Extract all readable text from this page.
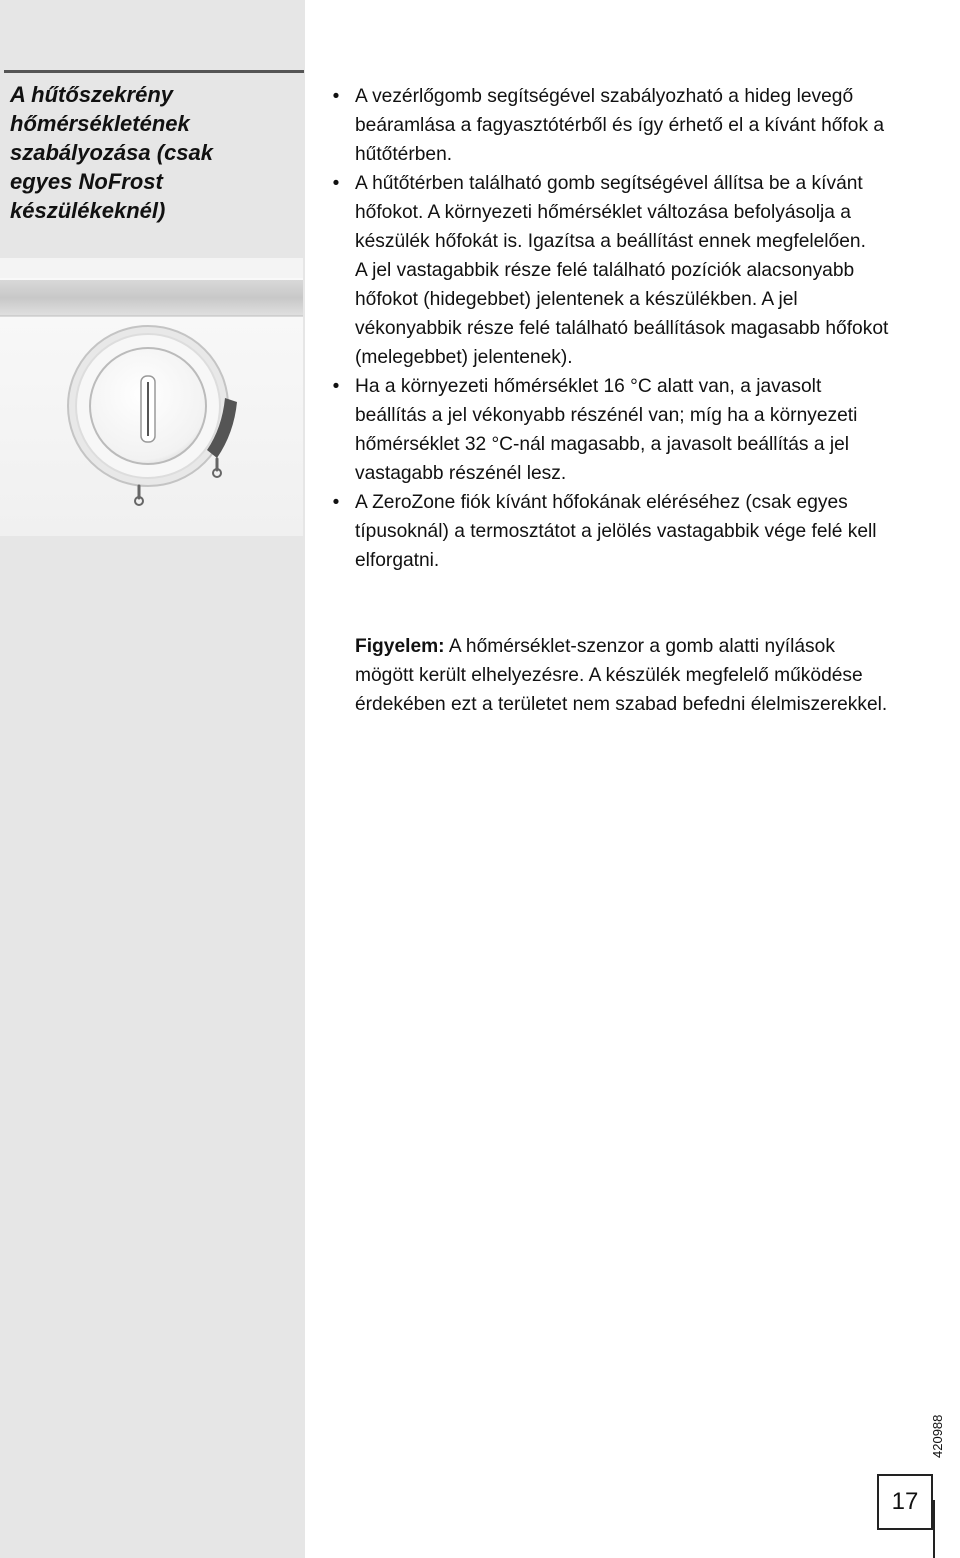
A hűtőszekrény
hőmérsékletének
szabályozása (csak
egyes NoFrost
készülékeknél)
• A vezérlőgomb segítségével szabályozható a hideg levegő
beáramlása a fagyasztótérből és így érhető el a kívánt hőfok a
hűtőtérben.
• A hűtőtérben található gomb segítségével állítsa be a kívánt
hőfokot. A környezeti hőmérséklet változása befolyásolja a
készülék hőfokát is. Igazítsa a beállítást ennek megfelelően.
A jel vastagabbik része felé található pozíciók alacsonyabb
hőfokot (hidegebbet) jelentenek a készülékben. A jel
vékonyabbik része felé található beállítások magasabb hőfokot
(melegebbet) jelentenek).
• Ha a környezeti hőmérséklet 16 °C alatt van, a javasolt
beállítás a jel vékonyabb részénél van; míg ha a környezeti
hőmérséklet 32 °C-nál magasabb, a javasolt beállítás a jel
vastagabb részénél lesz.
• A ZeroZone fiók kívánt hőfokának eléréséhez (csak egyes
típusoknál) a termosztátot a jelölés vastagabbik vége felé kell
elforgatni.

Figyelem: A hőmérséklet-szenzor a gomb alatti nyílások
mögött került elhelyezésre. A készülék megfelelő működése
érdekében ezt a területet nem szabad befedni élelmiszerekkel.

420988
17
